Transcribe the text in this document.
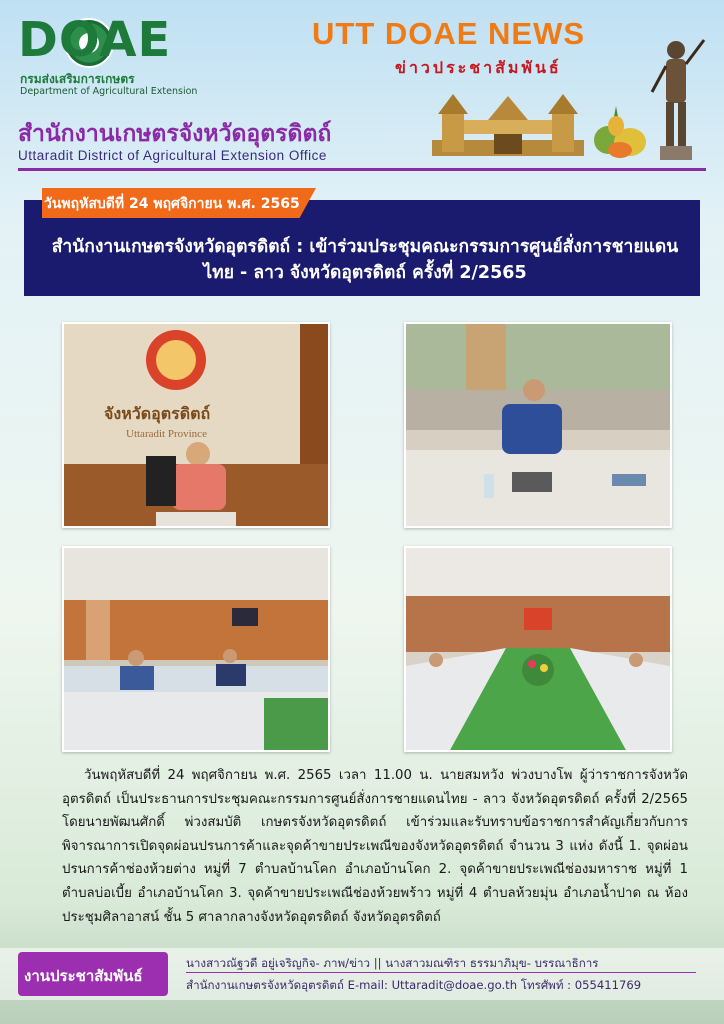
DOAE
กรมส่งเสริมการเกษตร
Department of Agricultural Extension
UTT DOAE NEWS
ข่าวประชาสัมพันธ์
สำนักงานเกษตรจังหวัดอุตรดิตถ์
Uttaradit District of Agricultural Extension Office
วันพฤหัสบดีที่ 24 พฤศจิกายน พ.ศ. 2565
สำนักงานเกษตรจังหวัดอุตรดิตถ์ : เข้าร่วมประชุมคณะกรรมการศูนย์สั่งการชายแดน
ไทย - ลาว จังหวัดอุตรดิตถ์ ครั้งที่ 2/2565
จังหวัดอุตรดิตถ์
Uttaradit Province
วันพฤหัสบดีที่ 24 พฤศจิกายน พ.ศ. 2565 เวลา 11.00 น. นายสมหวัง พ่วงบางโพ ผู้ว่าราชการจังหวัดอุตรดิตถ์ เป็นประธานการประชุมคณะกรรมการศูนย์สั่งการชายแดนไทย - ลาว จังหวัดอุตรดิตถ์ ครั้งที่ 2/2565 โดยนายพัฒนศักดิ์ พ่วงสมบัติ เกษตรจังหวัดอุตรดิตถ์ เข้าร่วมและรับทราบข้อราชการสำคัญเกี่ยวกับการพิจารณาการเปิดจุดผ่อนปรนการค้าและจุดค้าขายประเพณีของจังหวัดอุตรดิตถ์ จำนวน 3 แห่ง ดังนี้ 1. จุดผ่อนปรนการค้าช่องห้วยต่าง หมู่ที่ 7 ตำบลบ้านโคก อำเภอบ้านโคก 2. จุดค้าขายประเพณีช่องมหาราช หมู่ที่ 1 ตำบลบ่อเบี้ย อำเภอบ้านโคก 3. จุดค้าขายประเพณีช่องห้วยพร้าว หมู่ที่ 4 ตำบลห้วยมุ่น อำเภอน้ำปาด ณ ห้องประชุมศิลาอาสน์ ชั้น 5 ศาลากลางจังหวัดอุตรดิตถ์ จังหวัดอุตรดิตถ์
งานประชาสัมพันธ์
นางสาวณัฐวดี อยู่เจริญกิจ- ภาพ/ข่าว || นางสาวมณฑิรา ธรรมาภิมุข- บรรณาธิการ
สำนักงานเกษตรจังหวัดอุตรดิตถ์ E-mail: Uttaradit@doae.go.th โทรศัพท์ : 055411769
